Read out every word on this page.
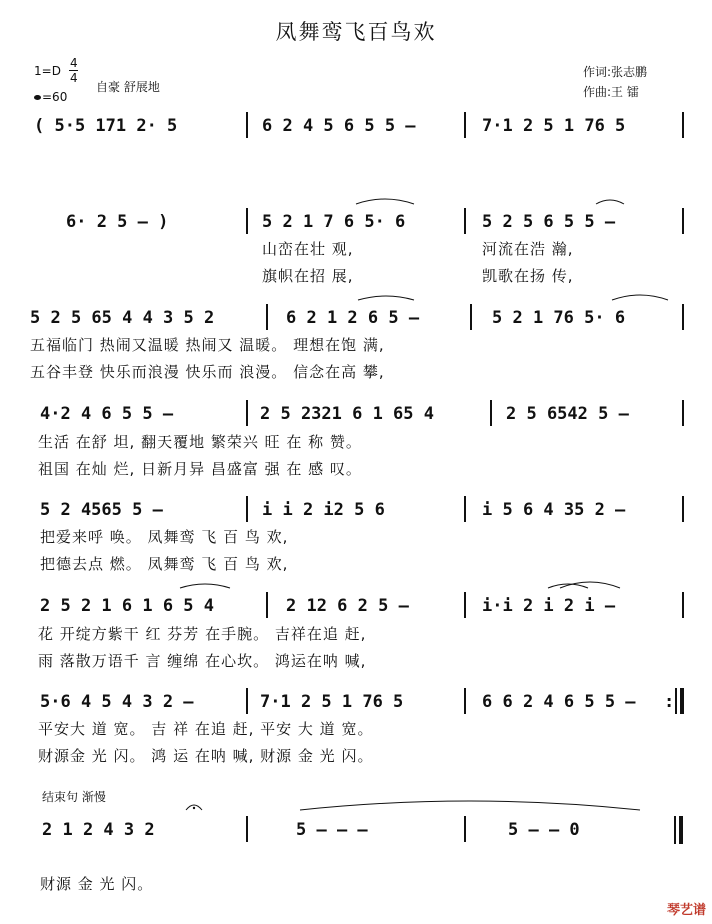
凤舞鸾飞百鸟欢
1=D
4
4
=60
自豪 舒展地
作词:张志鹏
作曲:王 镭
( 5·5 171 2· 5	6 2 4 5 6 5 5 –	7·1 2 5 1 76 5
6· 2 5 – )	5 2 1 7 6 5· 6	5 2 5 6 5 5 –
山峦在壮 观,	河流在浩 瀚,
旗帜在招 展,	凯歌在扬 传,
5 2 5 65 4 4 3 5 2	6 2 1 2 6 5 –	5 2 1 76 5· 6
五福临门 热闹又温暖 热闹又 温暖。 理想在饱 满,
五谷丰登 快乐而浪漫 快乐而 浪漫。 信念在高 攀,
4·2 4 6 5 5 –	2 5 2321 6 1 65 4	2 5 6542 5 –
生活 在舒 坦, 翻天覆地 繁荣兴 旺 在 称 赞。
祖国 在灿 烂, 日新月异 昌盛富 强 在 感 叹。
5 2 4565 5 –	i i 2 i2 5 6	i 5 6 4 35 2 –
把爱来呼 唤。 凤舞鸾 飞 百 鸟 欢,
把德去点 燃。 凤舞鸾 飞 百 鸟 欢,
2 5 2 1 6 1 6 5 4	2 12 6 2 5 –	i·i 2 i 2 i –
花 开绽方紫干 红 芬芳 在手腕。 吉祥在追 赶,
雨 落散万语千 言 缠绵 在心坎。 鸿运在呐 喊,
5·6 4 5 4 3 2 –	7·1 2 5 1 76 5	6 6 2 4 6 5 5 – :
平安大 道 宽。 吉 祥 在追 赶, 平安 大 道 宽。
财源金 光 闪。 鸿 运 在呐 喊, 财源 金 光 闪。
结束句 渐慢
2 1 2 4 3 2	5 – – –	5 – – 0
财源 金 光 闪。
琴艺谱
